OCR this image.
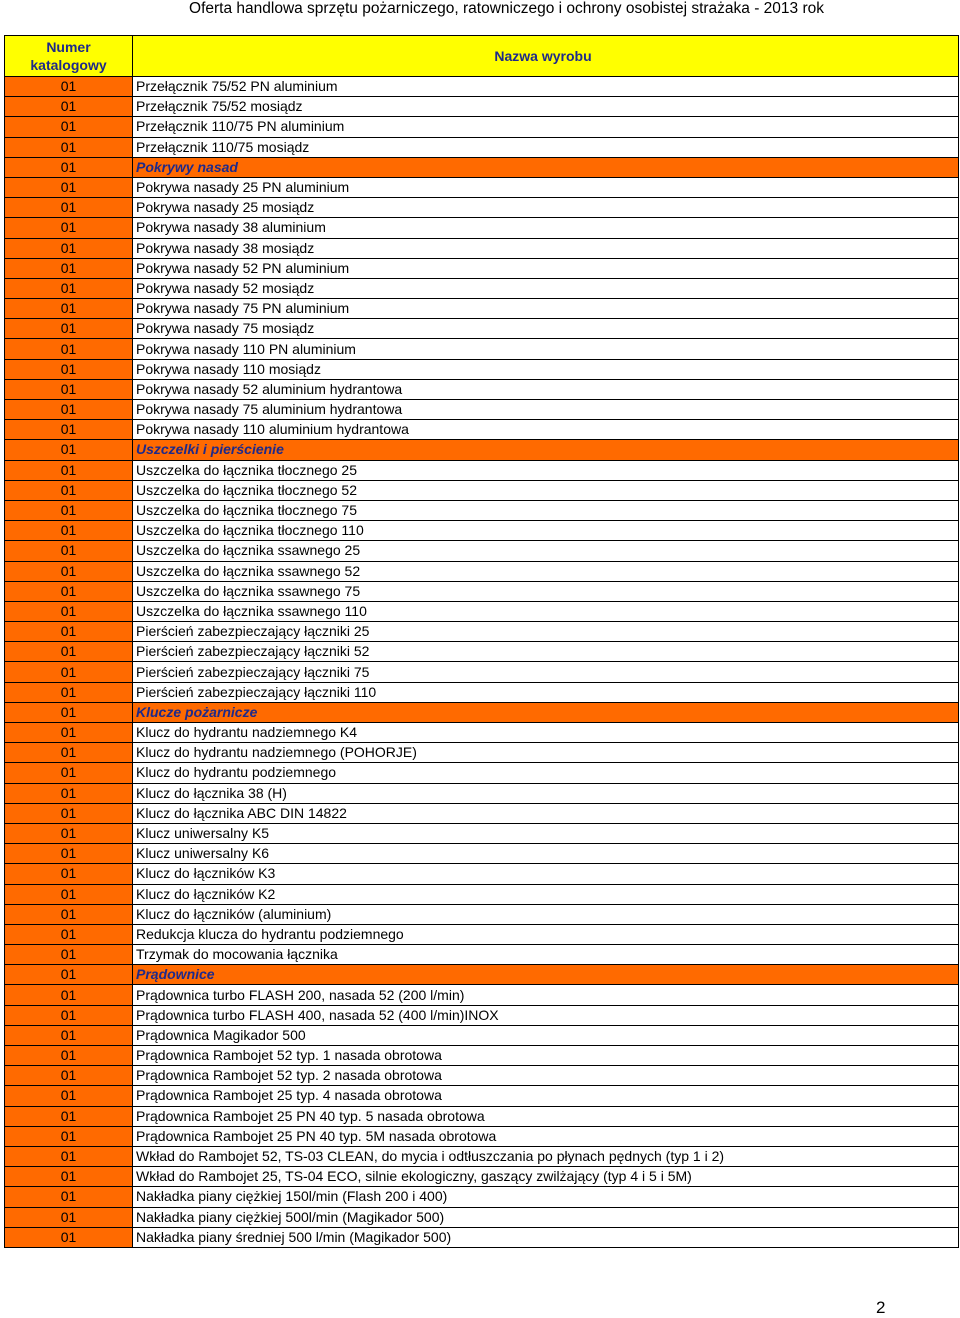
Oferta handlowa sprzętu pożarniczego, ratowniczego i ochrony osobistej strażaka - 2013 rok
Numer
katalogowy	Nazwa wyrobu
01	Przełącznik 75/52 PN aluminium
01	Przełącznik 75/52 mosiądz
01	Przełącznik 110/75 PN aluminium
01	Przełącznik 110/75 mosiądz
01	Pokrywy nasad
01	Pokrywa nasady 25 PN aluminium
01	Pokrywa nasady 25 mosiądz
01	Pokrywa nasady 38 aluminium
01	Pokrywa nasady 38 mosiądz
01	Pokrywa nasady 52 PN aluminium
01	Pokrywa nasady 52 mosiądz
01	Pokrywa nasady 75 PN aluminium
01	Pokrywa nasady 75 mosiądz
01	Pokrywa nasady 110 PN aluminium
01	Pokrywa nasady 110 mosiądz
01	Pokrywa nasady 52 aluminium hydrantowa
01	Pokrywa nasady 75 aluminium hydrantowa
01	Pokrywa nasady 110 aluminium hydrantowa
01	Uszczelki i pierścienie
01	Uszczelka do łącznika tłocznego 25
01	Uszczelka do łącznika tłocznego 52
01	Uszczelka do łącznika tłocznego 75
01	Uszczelka do łącznika tłocznego 110
01	Uszczelka do łącznika ssawnego 25
01	Uszczelka do łącznika ssawnego 52
01	Uszczelka do łącznika ssawnego 75
01	Uszczelka do łącznika ssawnego 110
01	Pierścień zabezpieczający łączniki 25
01	Pierścień zabezpieczający łączniki 52
01	Pierścień zabezpieczający łączniki 75
01	Pierścień zabezpieczający łączniki 110
01	Klucze pożarnicze
01	Klucz do hydrantu nadziemnego K4
01	Klucz do hydrantu nadziemnego (POHORJE)
01	Klucz do hydrantu podziemnego
01	Klucz do łącznika 38 (H)
01	Klucz do łącznika ABC DIN 14822
01	Klucz uniwersalny K5
01	Klucz uniwersalny K6
01	Klucz do łączników K3
01	Klucz do łączników K2
01	Klucz do łączników (aluminium)
01	Redukcja klucza do hydrantu podziemnego
01	Trzymak do mocowania łącznika
01	Prądownice
01	Prądownica turbo FLASH 200, nasada 52 (200 l/min)
01	Prądownica turbo FLASH 400, nasada 52 (400 l/min)INOX
01	Prądownica Magikador 500
01	Prądownica Rambojet 52 typ. 1 nasada obrotowa
01	Prądownica Rambojet 52 typ. 2 nasada obrotowa
01	Prądownica Rambojet 25 typ. 4 nasada obrotowa
01	Prądownica Rambojet 25 PN 40 typ. 5 nasada obrotowa
01	Prądownica Rambojet 25 PN 40 typ. 5M nasada obrotowa
01	Wkład do Rambojet 52, TS-03 CLEAN, do mycia i odtłuszczania po płynach pędnych (typ 1 i 2)
01	Wkład do Rambojet 25, TS-04 ECO, silnie ekologiczny, gaszący zwilżający (typ 4 i 5 i 5M)
01	Nakładka piany ciężkiej 150l/min (Flash 200 i 400)
01	Nakładka piany ciężkiej 500l/min (Magikador 500)
01	Nakładka piany średniej 500 l/min (Magikador 500)
2
